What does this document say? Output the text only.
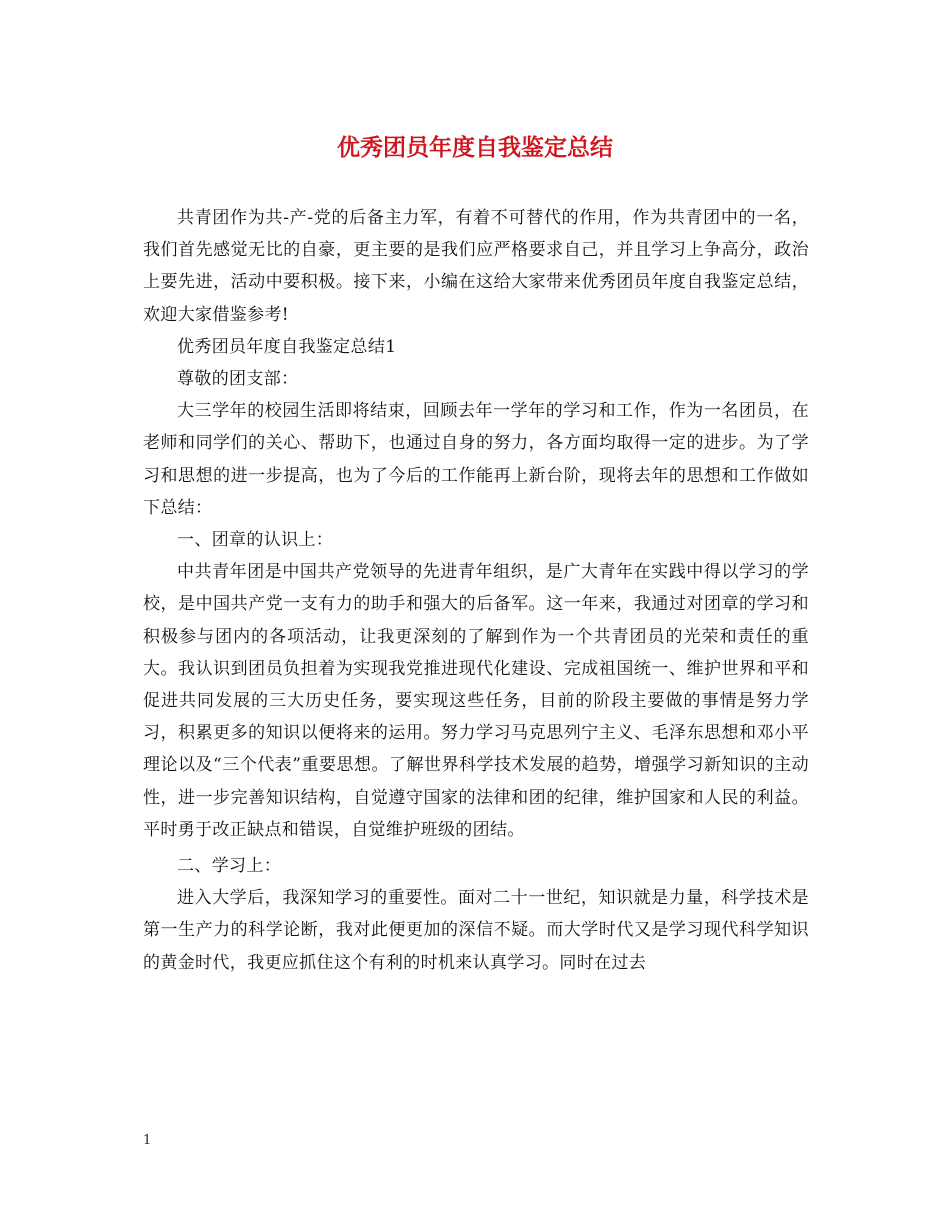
优秀团员年度自我鉴定总结

共青团作为共-产-党的后备主力军，有着不可替代的作用，作为共青团中的一名，我们首先感觉无比的自豪，更主要的是我们应严格要求自己，并且学习上争高分，政治上要先进，活动中要积极。接下来，小编在这给大家带来优秀团员年度自我鉴定总结，欢迎大家借鉴参考!

优秀团员年度自我鉴定总结1

尊敬的团支部：

大三学年的校园生活即将结束，回顾去年一学年的学习和工作，作为一名团员，在老师和同学们的关心、帮助下，也通过自身的努力，各方面均取得一定的进步。为了学习和思想的进一步提高，也为了今后的工作能再上新台阶，现将去年的思想和工作做如下总结：

一、团章的认识上：

中共青年团是中国共产党领导的先进青年组织，是广大青年在实践中得以学习的学校，是中国共产党一支有力的助手和强大的后备军。这一年来，我通过对团章的学习和积极参与团内的各项活动，让我更深刻的了解到作为一个共青团员的光荣和责任的重大。我认识到团员负担着为实现我党推进现代化建设、完成祖国统一、维护世界和平和促进共同发展的三大历史任务，要实现这些任务，目前的阶段主要做的事情是努力学习，积累更多的知识以便将来的运用。努力学习马克思列宁主义、毛泽东思想和邓小平理论以及“三个代表”重要思想。了解世界科学技术发展的趋势，增强学习新知识的主动性，进一步完善知识结构，自觉遵守国家的法律和团的纪律，维护国家和人民的利益。平时勇于改正缺点和错误，自觉维护班级的团结。

二、学习上：

进入大学后，我深知学习的重要性。面对二十一世纪，知识就是力量，科学技术是第一生产力的科学论断，我对此便更加的深信不疑。而大学时代又是学习现代科学知识的黄金时代，我更应抓住这个有利的时机来认真学习。同时在过去

1
